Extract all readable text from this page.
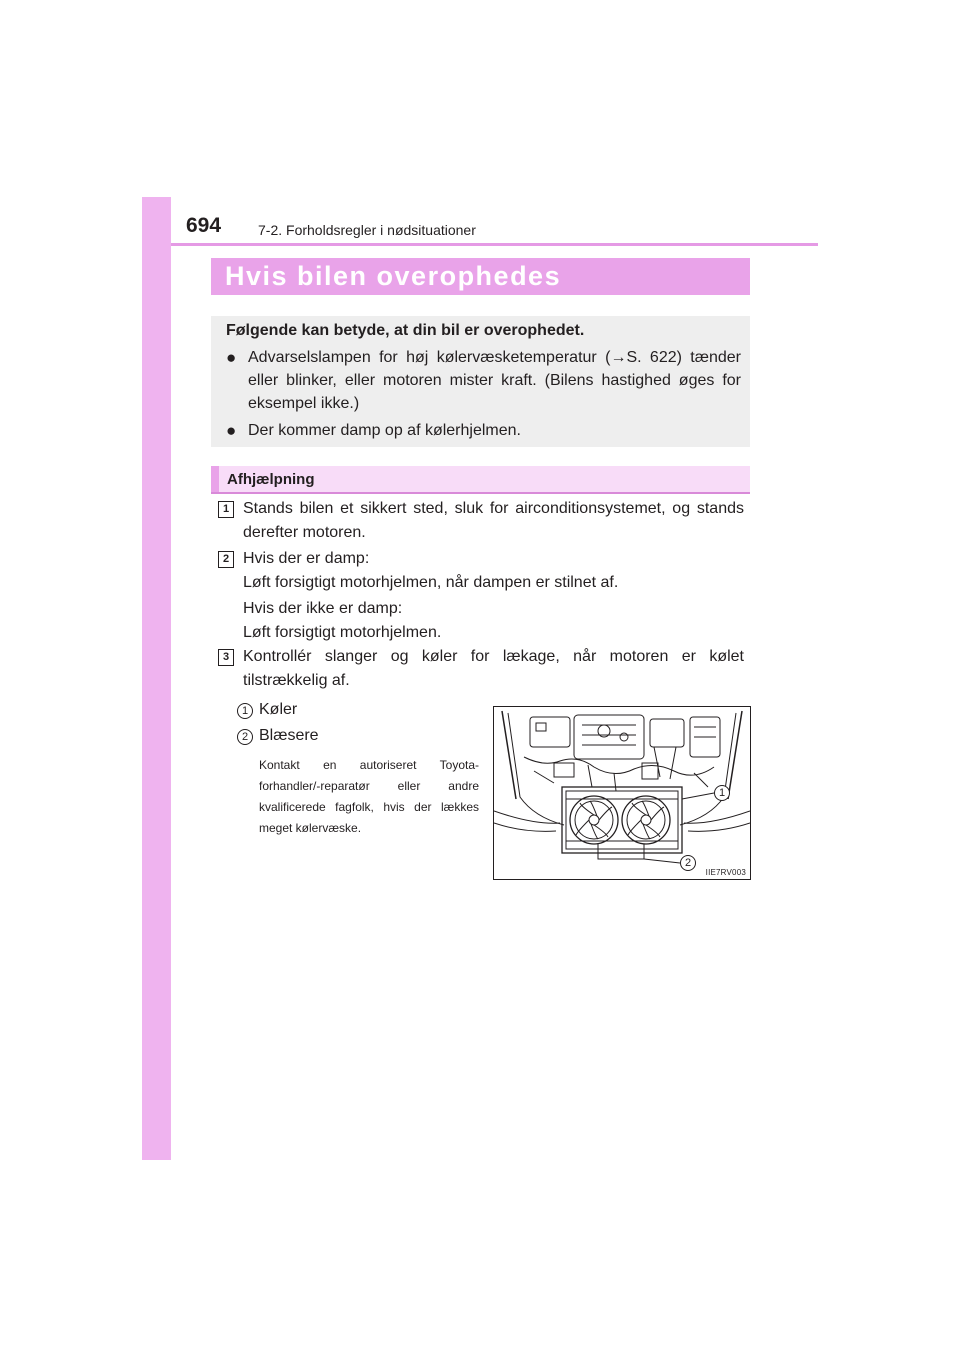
694	7-2. Forholdsregler i nødsituationer
Hvis bilen overophedes
Følgende kan betyde, at din bil er overophedet.
● Advarselslampen for høj kølervæsketemperatur (→S. 622) tænder eller blinker, eller motoren mister kraft. (Bilens hastighed øges for eksempel ikke.)
● Der kommer damp op af kølerhjelmen.
Afhjælpning
1 Stands bilen et sikkert sted, sluk for airconditionsystemet, og stands derefter motoren.
2 Hvis der er damp:
Løft forsigtigt motorhjelmen, når dampen er stilnet af.
Hvis der ikke er damp:
Løft forsigtigt motorhjelmen.
3 Kontrollér slanger og køler for lækage, når motoren er kølet tilstrækkelig af.
1 Køler
2 Blæsere
Kontakt en autoriseret Toyota-forhandler/-reparatør eller andre kvalificerede fagfolk, hvis der lækkes meget kølervæske.
1
2
IIE7RV003
